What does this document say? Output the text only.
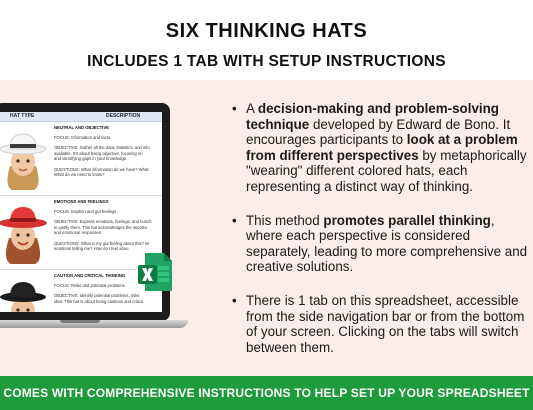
SIX THINKING HATS
INCLUDES 1 TAB WITH SETUP INSTRUCTIONS
HAT TYPE	DESCRIPTION
NEUTRAL AND OBJECTIVE
FOCUS: Information and facts.
OBJECTIVE: Gather all the data, statistics, and info
available. It's about being objective, focusing on
and identifying gaps in your knowledge.
QUESTIONS: What information do we have? What
What do we need to know?
EMOTIONS AND FEELINGS
FOCUS: Intuition and gut feelings.
OBJECTIVE: Express emotions, feelings, and hunch
to justify them. This hat acknowledges the importa
and emotional responses.
QUESTIONS: What is my gut feeling about this? W
emotions telling me? How do I feel abou
CAUTION AND CRITICAL THINKING
FOCUS: Risks and potential problems.
OBJECTIVE: Identify potential problems, risks
idea. This hat is about being cautious and critica
• A decision-making and problem-solving technique developed by Edward de Bono. It encourages participants to look at a problem from different perspectives by metaphorically "wearing" different colored hats, each representing a distinct way of thinking.
• This method promotes parallel thinking, where each perspective is considered separately, leading to more comprehensive and creative solutions.
• There is 1 tab on this spreadsheet, accessible from the side navigation bar or from the bottom of your screen. Clicking on the tabs will switch between them.
COMES WITH COMPREHENSIVE INSTRUCTIONS TO HELP SET UP YOUR SPREADSHEET
